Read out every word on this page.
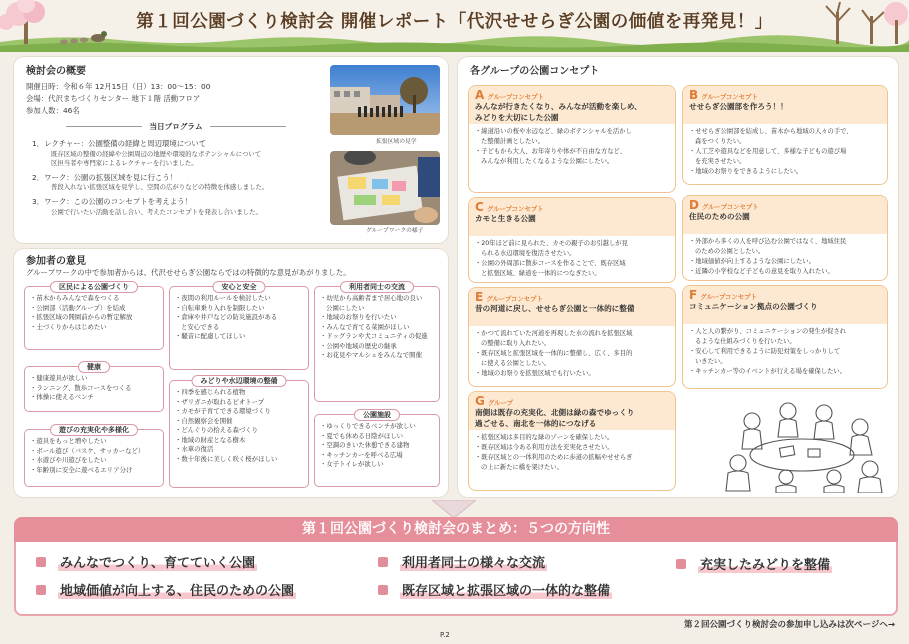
第１回公園づくり検討会 開催レポート「代沢せせらぎ公園の価値を再発見！」
検討会の概要
開催日時：令和６年 12月15日（日）13：00～15：00
会場：代沢まちづくりセンター 地下１階 活動フロア
参加人数：46名
当日プログラム
1．レクチャー：公園整備の経緯と周辺環境について
既存区域の整備の経緯や公園周辺の地歴や環境的なポテンシャルについて
区担当者や専門家によるレクチャーを行いました。
2．ワーク：公園の拡張区域を見に行こう！
普段入れない拡張区域を見学し、空間の広がりなどの特徴を体感しました。
3．ワーク：この公園のコンセプトを考えよう！
公園で行いたい活動を話し合い、考えたコンセプトを発表し合いました。
拡張区域の見学
グループワークの様子
参加者の意見
グループワークの中で参加者からは、代沢せせらぎ公園ならではの特徴的な意見があがりました。
区民による公園づくり
・ 苗木からみんなで森をつくる
・ 公園部（活動グループ）を結成
・ 拡張区域の開園前からの暫定解放
・ 土づくりからはじめたい
健康
・ 健康遊具が欲しい
・ ランニング、散歩コースをつくる
・ 体操に使えるベンチ
遊びの充実化や多様化
・ 遊具をもっと増やしたい
・ ボール遊び（バスケ、サッカーなど）
・ 水遊びや川遊びをしたい
・ 年齢別に安全に遊べるエリア分け
安心と安全
・ 夜間の利用ルールを検討したい
・ 自転車乗り入れを制限したい
・ 倉庫や井戸などの防災施設がある
と安心できる
・ 騒音に配慮してほしい
みどりや水辺環境の整備
・ 四季を感じられる植物
・ ザリガニが取れるビオトープ
・ カモが子育てできる環境づくり
・ 自然観察会を開催
・ どんぐりの拾える森づくり
・ 地域の財産となる樹木
・ 水車の復活
・ 数十年後に美しく咲く桜がほしい
利用者同士の交流
・ 幼児から高齢者まで居心地の良い
公園にしたい
・ 地域のお祭りを行いたい
・ みんなで育てる菜園がほしい
・ ドッグランや犬コミュニティの促進
・ 公園や地域の歴史の継承
・ お花見やマルシェをみんなで開催
公園施設
・ ゆっくりできるベンチが欲しい
・ 夏でも休める日陰がほしい
・ 空調のきいた休憩できる建物
・ キッチンカーを呼べる広場
・ 女子トイレが欲しい
各グループの公園コンセプト
A グループコンセプト
みんなが行きたくなり、みんなが活動を楽しめ、
みどりを大切にした公園
・ 線道沿いの桜や水辺など、緑のポテンシャルを活かし
た整備計画としたい。
・ 子どもから大人、お年寄りや体が不自由な方など、
みんなが利用したくなるような公園にしたい。
B グループコンセプト
せせらぎ公園部を作ろう！！
・ せせらぎ公園部を結成し、苗木から地域の人々の手で、
森をつくりたい。
・ 人工芝や遊具などを用意して、多様な子どもの遊び場
を充実させたい。
・ 地域のお祭りをできるようにしたい。
C グループコンセプト
カモと生きる公園
・ 20年ほど前に見られた、カモの親子のお引越しが見
られる水辺環境を復活させたい。
・ 公園の外周部に散歩コースを作ることで、既存区域
と拡張区域、緑道を一体的につなぎたい。
D グループコンセプト
住民のための公園
・ 外部から多くの人を呼び込む公園ではなく、地域住民
のための公園としたい。
・ 地域価値が向上するような公園にしたい。
・ 近隣の小学校など子どもの意見を取り入れたい。
E グループコンセプト
昔の河道に戻し、せせらぎ公園と一体的に整備
・ かつて流れていた河道を再現した水の流れを拡張区域
の整備に取り入れたい。
・ 既存区域と拡張区域を一体的に整備し、広く、多目的
に使える公園としたい。
・ 地域のお祭りを拡張区域でも行いたい。
F グループコンセプト
コミュニケーション拠点の公園づくり
・ 人と人の繋がり、コミュニケーションの発生が促され
るような仕組みづくりを行いたい。
・ 安心して利用できるように防犯対策をしっかりして
いきたい。
・ キッチンカー等のイベントが行える場を確保したい。
G グループ
南側は既存の充実化、北側は緑の森でゆっくり
過ごせる、南北を一体的につなげる
・ 拡張区域は多目的な緑のゾーンを確保したい。
・ 既存区域は今ある利用方法を充実化させたい。
・ 既存区域との一体利用のために歩道の拡幅やせせらぎ
の上に新たに橋を架けたい。
第１回公園づくり検討会のまとめ：５つの方向性
みんなでつくり、育てていく公園
地域価値が向上する、住民のための公園
利用者同士の様々な交流
既存区域と拡張区域の一体的な整備
充実したみどりを整備
第２回公園づくり検討会の参加申し込みは次ページへ→
P.2
